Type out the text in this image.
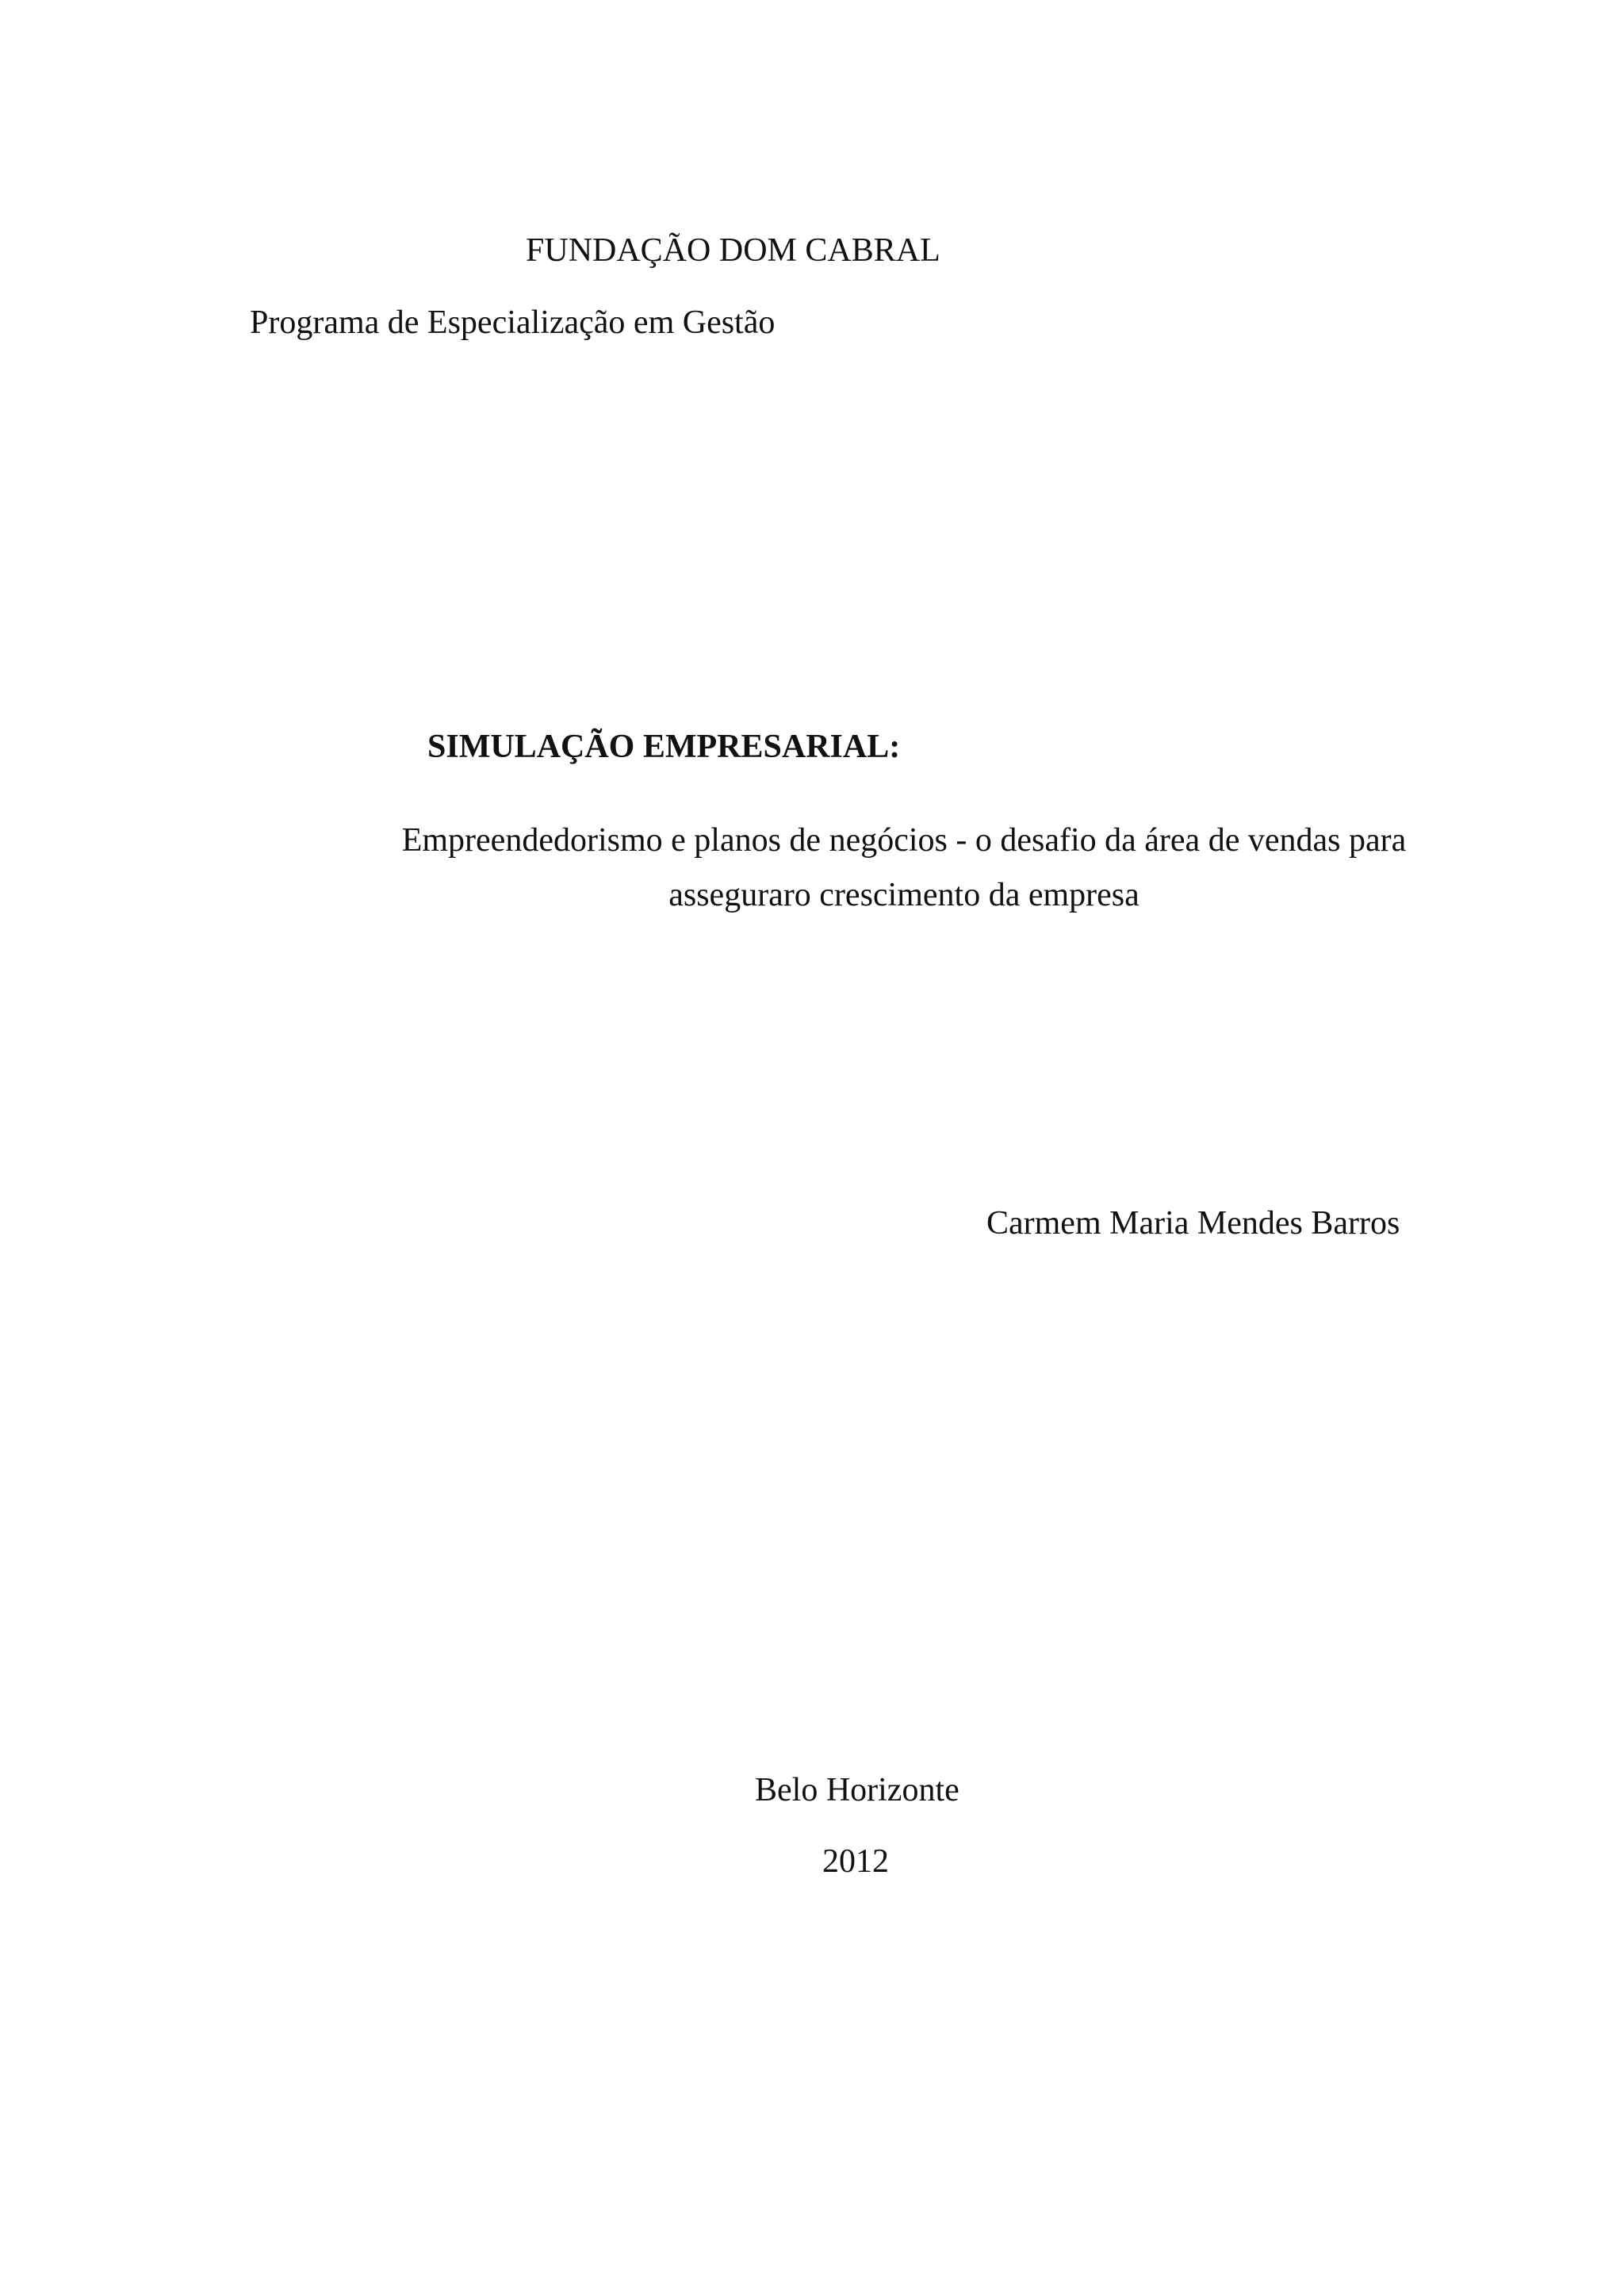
FUNDAÇÃO DOM CABRAL

Programa de Especialização em Gestão

SIMULAÇÃO EMPRESARIAL:

Empreendedorismo e planos de negócios - o desafio da área de vendas para asseguraro crescimento da empresa

Carmem Maria Mendes Barros

Belo Horizonte

2012
